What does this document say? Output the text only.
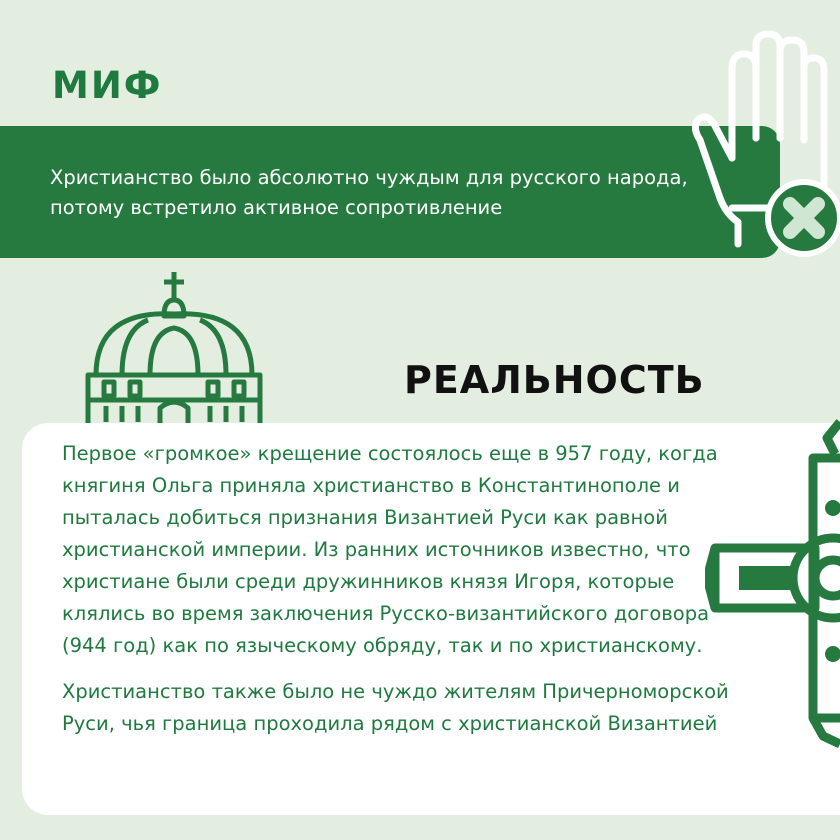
МИФ

Христианство было абсолютно чуждым для русского народа, потому встретило активное сопротивление

РЕАЛЬНОСТЬ

Первое «громкое» крещение состоялось еще в 957 году, когда княгиня Ольга приняла христианство в Константинополе и пыталась добиться признания Византией Руси как равной христианской империи. Из ранних источников известно, что христиане были среди дружинников князя Игоря, которые клялись во время заключения Русско-византийского договора (944 год) как по языческому обряду, так и по христианскому.

Христианство также было не чуждо жителям Причерноморской Руси, чья граница проходила рядом с христианской Византией
